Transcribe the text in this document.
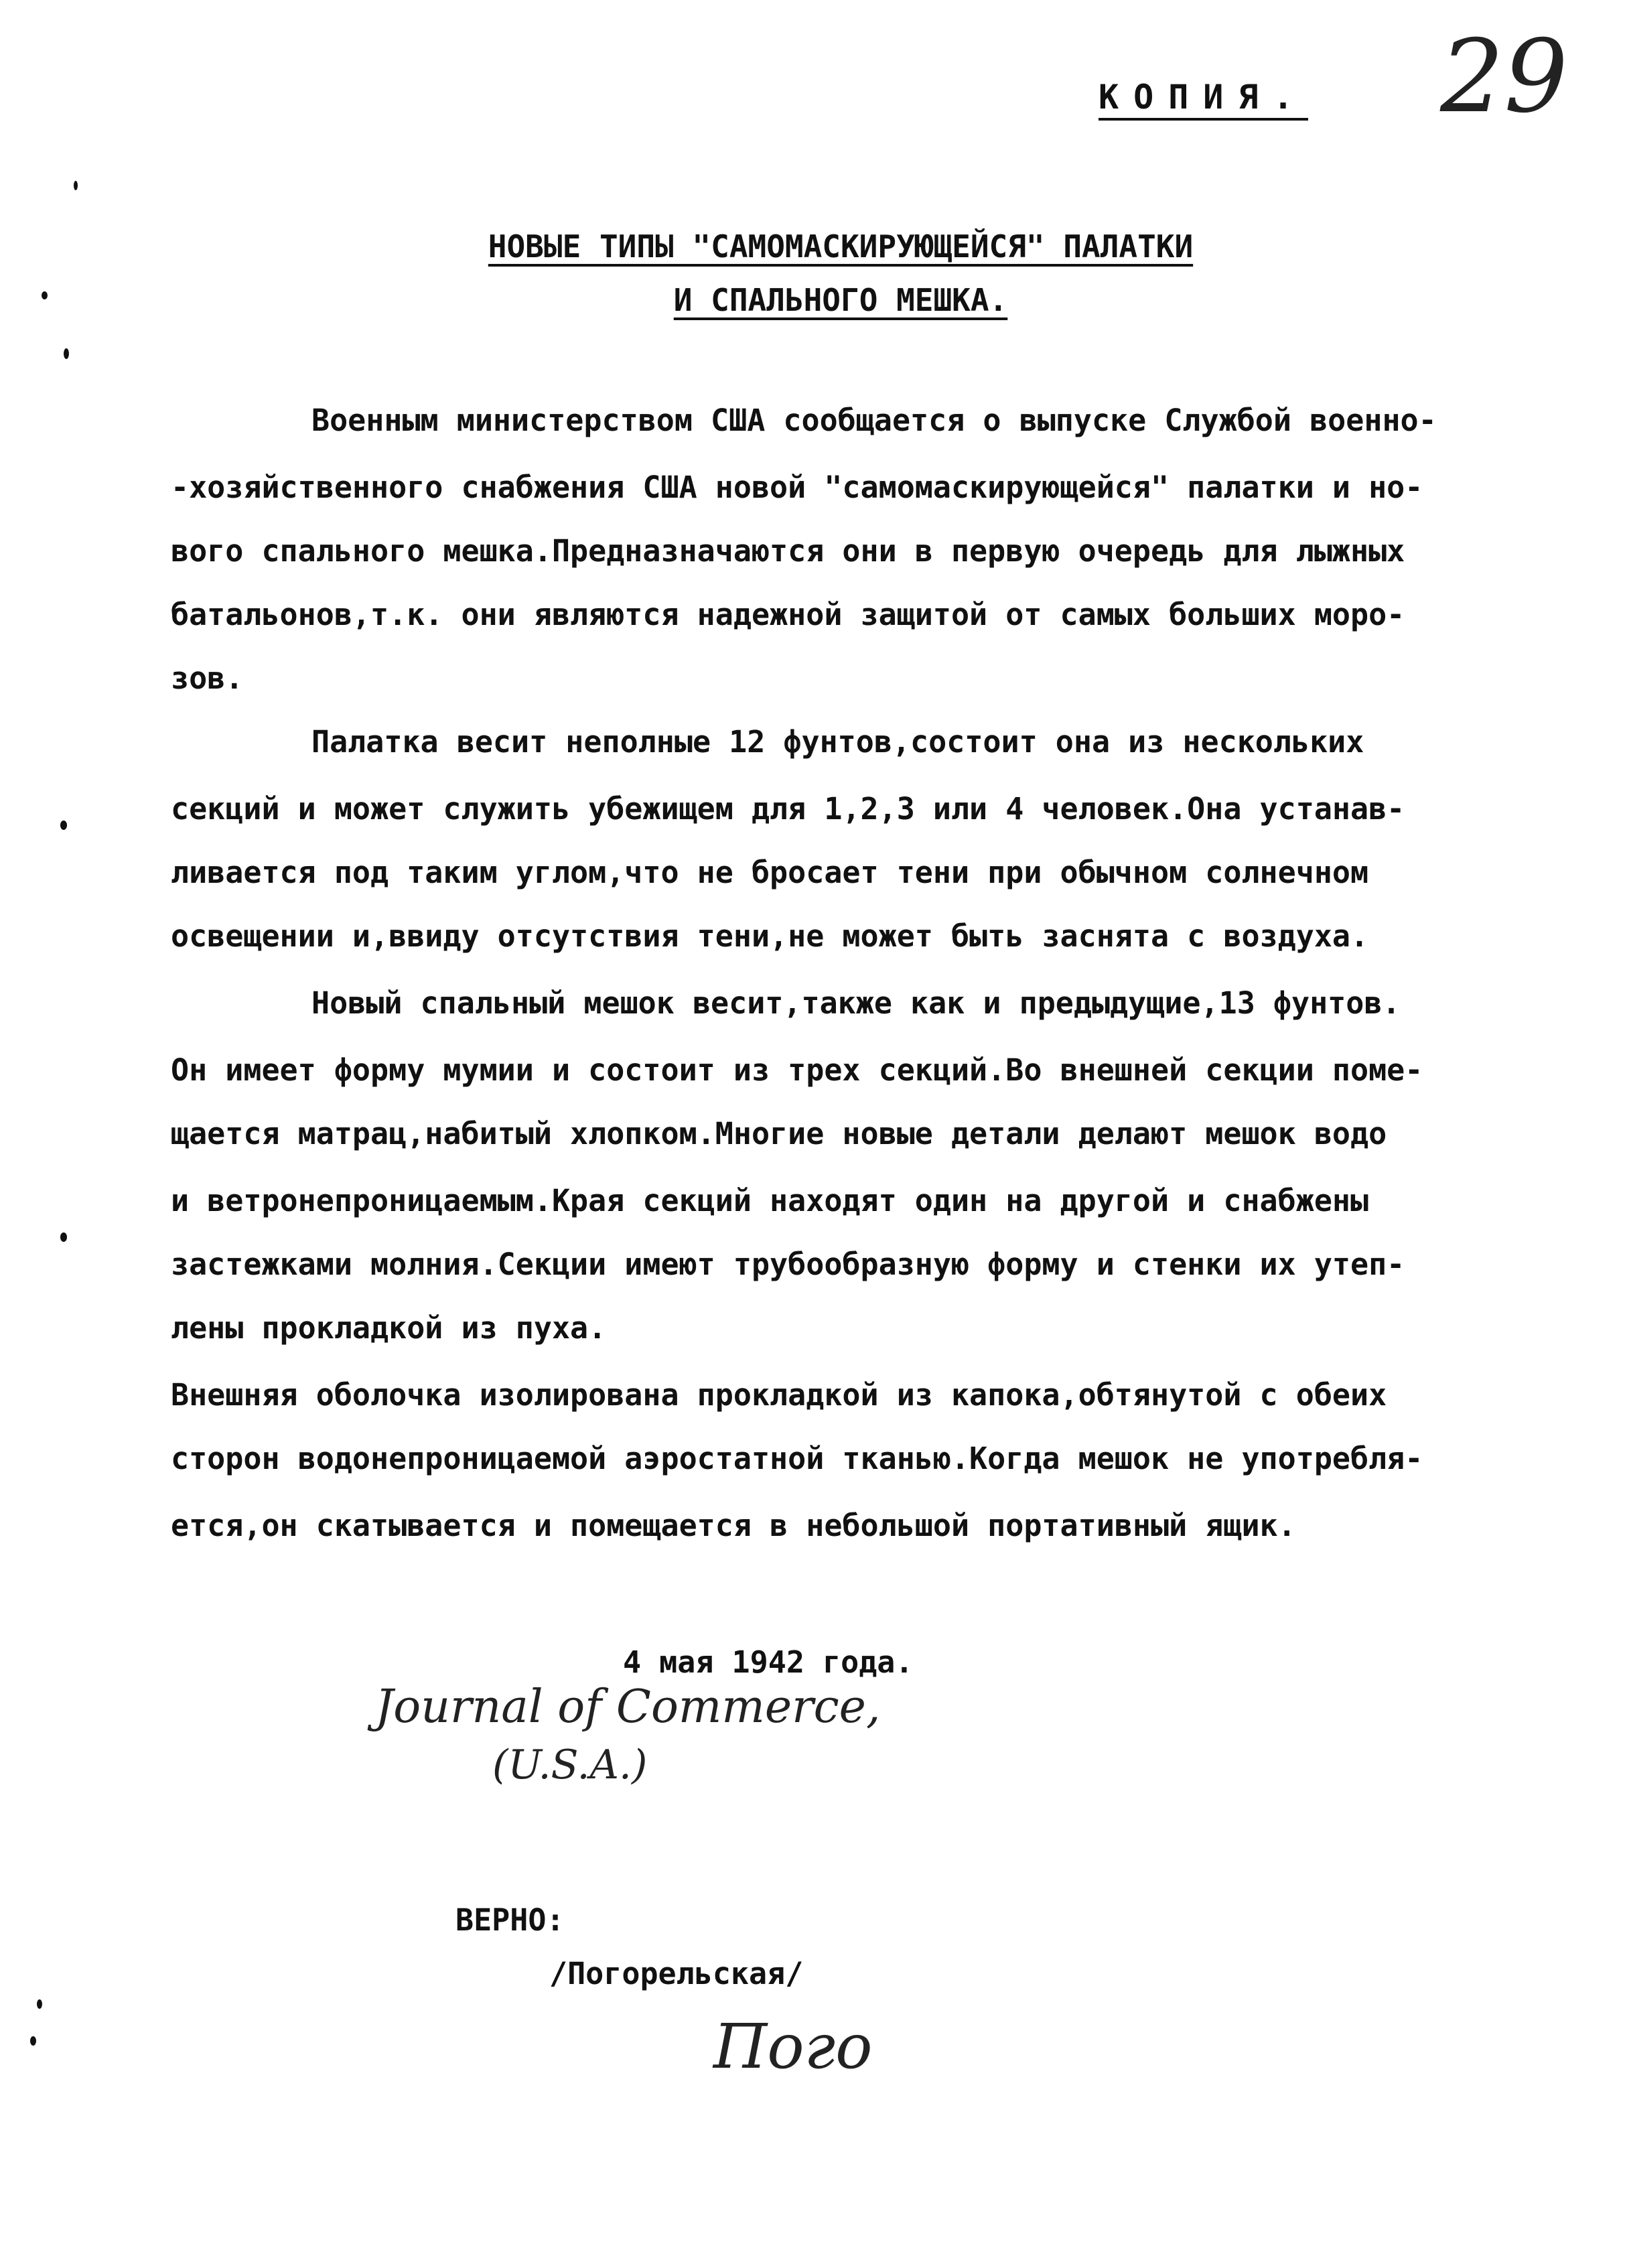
КОПИЯ. 29
НОВЫЕ ТИПЫ "САМОМАСКИРУЮЩЕЙСЯ" ПАЛАТКИ
И СПАЛЬНОГО МЕШКА.
Военным министерством США сообщается о выпуске Службой военно-
-хозяйственного снабжения США новой "самомаскирующейся" палатки и но-
вого спального мешка.Предназначаются они в первую очередь для лыжных
батальонов,т.к. они являются надежной защитой от самых больших моро-
зов.
Палатка весит неполные 12 фунтов,состоит она из нескольких
секций и может служить убежищем для 1,2,3 или 4 человек.Она устанав-
ливается под таким углом,что не бросает тени при обычном солнечном
освещении и,ввиду отсутствия тени,не может быть заснята с воздуха.
Новый спальный мешок весит,также как и предыдущие,13 фунтов.
Он имеет форму мумии и состоит из трех секций.Во внешней секции поме-
щается матрац,набитый хлопком.Многие новые детали делают мешок водо
и ветронепроницаемым.Края секций находят один на другой и снабжены
застежками молния.Секции имеют трубообразную форму и стенки их утеп-
лены прокладкой из пуха.
Внешняя оболочка изолирована прокладкой из капока,обтянутой с обеих
сторон водонепроницаемой аэростатной тканью.Когда мешок не употребля-
ется,он скатывается и помещается в небольшой портативный ящик.
4 мая 1942 года.
Journal of Commerce,
(U.S.A.)
ВЕРНО:
/Погорельская/
Пого
